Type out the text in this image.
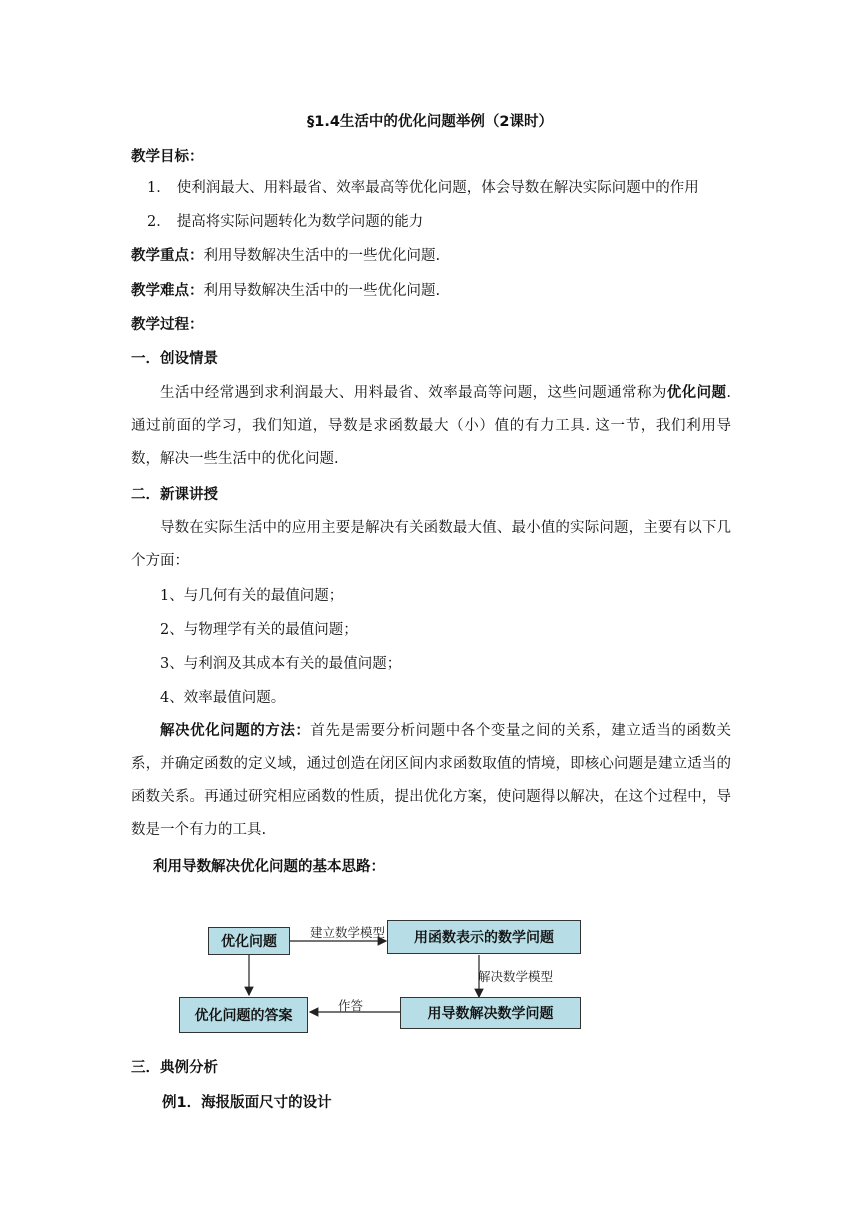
§1.4生活中的优化问题举例（2课时）
教学目标：
1． 使利润最大、用料最省、效率最高等优化问题，体会导数在解决实际问题中的作用
2． 提高将实际问题转化为数学问题的能力
教学重点：利用导数解决生活中的一些优化问题.
教学难点：利用导数解决生活中的一些优化问题.
教学过程：
一．创设情景
生活中经常遇到求利润最大、用料最省、效率最高等问题，这些问题通常称为优化问题. 通过前面的学习，我们知道，导数是求函数最大（小）值的有力工具. 这一节，我们利用导数，解决一些生活中的优化问题.
二．新课讲授
导数在实际生活中的应用主要是解决有关函数最大值、最小值的实际问题，主要有以下几个方面：
1、与几何有关的最值问题；
2、与物理学有关的最值问题；
3、与利润及其成本有关的最值问题；
4、效率最值问题。
解决优化问题的方法：首先是需要分析问题中各个变量之间的关系，建立适当的函数关系，并确定函数的定义域，通过创造在闭区间内求函数取值的情境，即核心问题是建立适当的函数关系。再通过研究相应函数的性质，提出优化方案，使问题得以解决，在这个过程中，导数是一个有力的工具.
利用导数解决优化问题的基本思路：
优化问题	用函数表示的数学问题
用导数解决数学问题
优化问题的答案
建立数学模型
解决数学模型
作答
三．典例分析
例1．海报版面尺寸的设计
